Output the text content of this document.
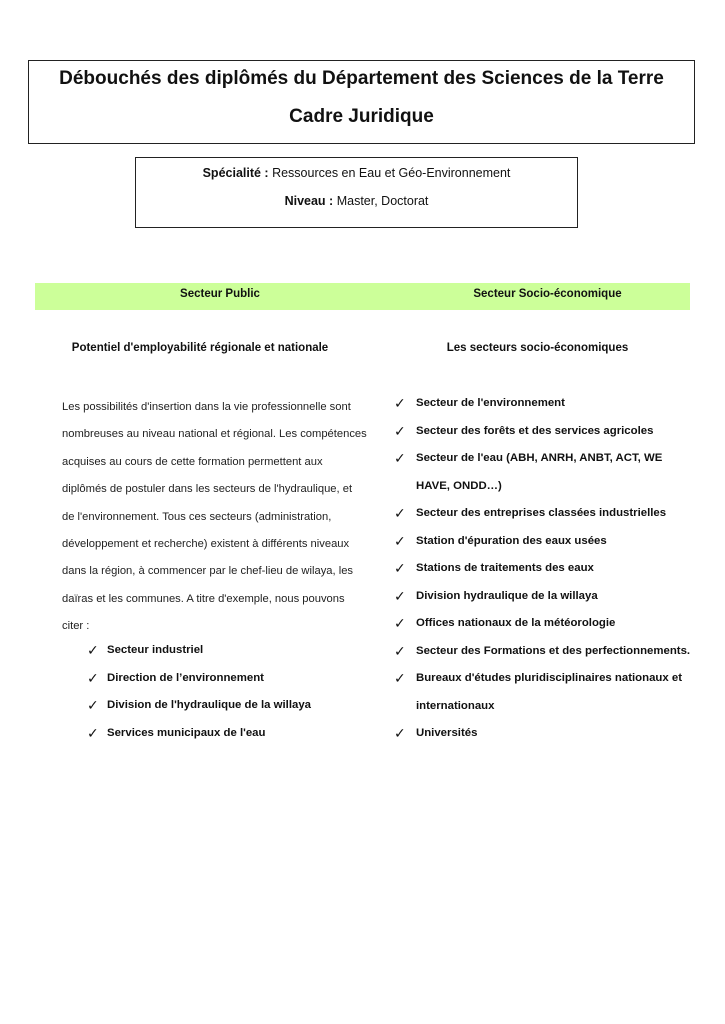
Débouchés des diplômés du Département des Sciences de la Terre
Cadre Juridique
Spécialité : Ressources en Eau et Géo-Environnement
Niveau : Master, Doctorat
Secteur Public	Secteur Socio-économique
Potentiel d'employabilité régionale et nationale	Les secteurs socio-économiques
Les possibilités d'insertion dans la vie professionnelle sont nombreuses au niveau national et régional. Les compétences acquises au cours de cette formation permettent aux diplômés de postuler dans les secteurs de l'hydraulique, et de l'environnement. Tous ces secteurs (administration, développement et recherche) existent à différents niveaux dans la région, à commencer par le chef-lieu de wilaya, les daïras et les communes. A titre d'exemple, nous pouvons citer :
✓ Secteur industriel
✓ Direction de l’environnement
✓ Division de l'hydraulique de la willaya
✓ Services municipaux de l'eau
✓ Secteur de l'environnement
✓ Secteur des forêts et des services agricoles
✓ Secteur de l'eau (ABH, ANRH, ANBT, ACT, WE HAVE, ONDD…)
✓ Secteur des entreprises classées industrielles
✓ Station d'épuration des eaux usées
✓ Stations de traitements des eaux
✓ Division hydraulique de la willaya
✓ Offices nationaux de la météorologie
✓ Secteur des Formations et des perfectionnements.
✓ Bureaux d'études pluridisciplinaires nationaux et internationaux
✓ Universités
